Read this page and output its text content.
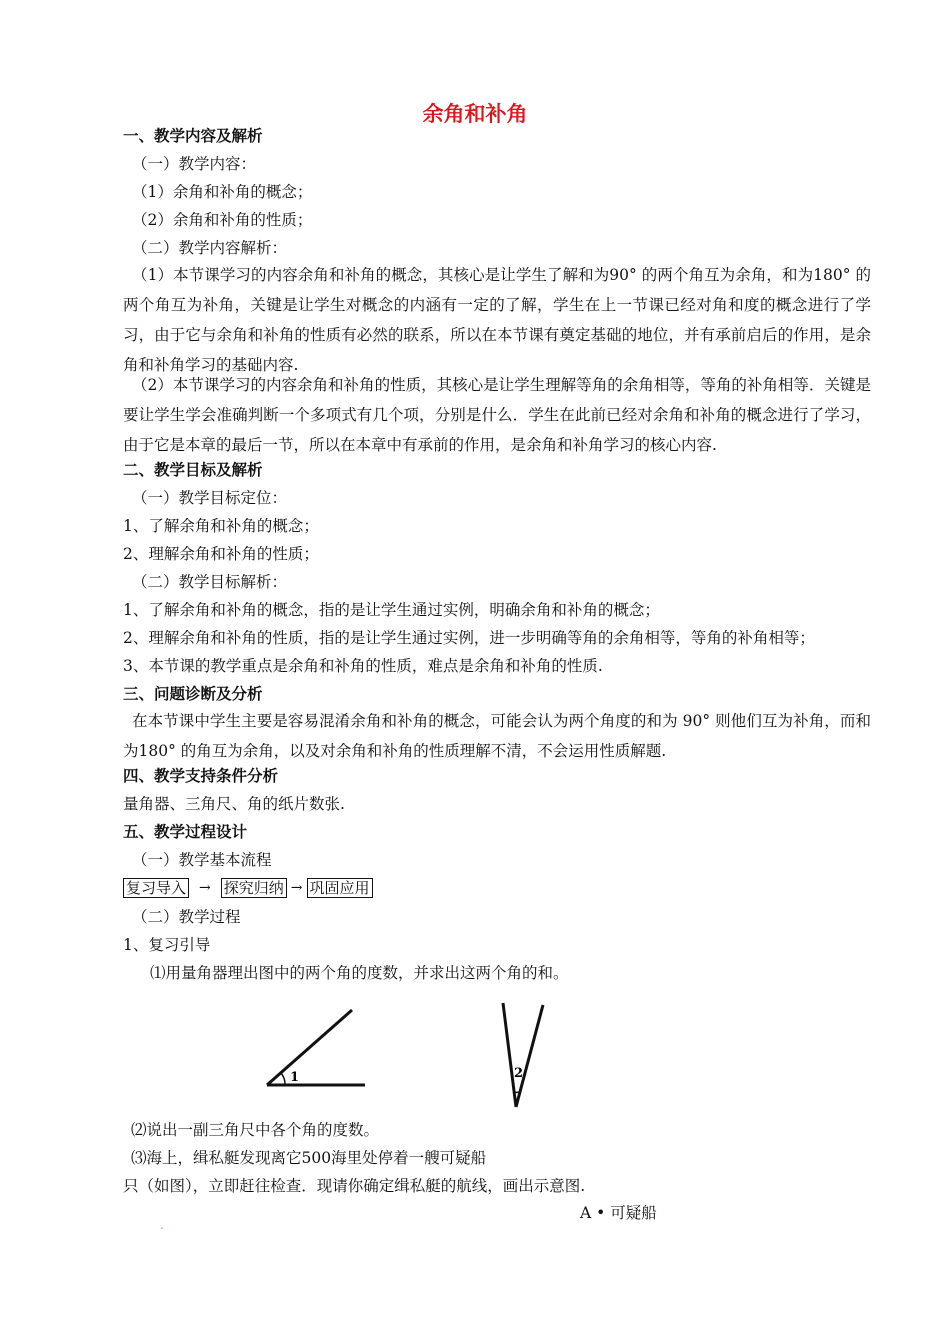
余角和补角
一、教学内容及解析
（一）教学内容：
（1）余角和补角的概念；
（2）余角和补角的性质；
（二）教学内容解析：
（1）本节课学习的内容余角和补角的概念，其核心是让学生了解和为90° 的两个角互为余角，和为180° 的两个角互为补角，关键是让学生对概念的内涵有一定的了解，学生在上一节课已经对角和度的概念进行了学习，由于它与余角和补角的性质有必然的联系，所以在本节课有奠定基础的地位，并有承前启后的作用，是余角和补角学习的基础内容.
（2）本节课学习的内容余角和补角的性质，其核心是让学生理解等角的余角相等，等角的补角相等．关键是要让学生学会准确判断一个多项式有几个项，分别是什么．学生在此前已经对余角和补角的概念进行了学习，由于它是本章的最后一节，所以在本章中有承前的作用，是余角和补角学习的核心内容.
二、教学目标及解析
（一）教学目标定位：
1、了解余角和补角的概念；
2、理解余角和补角的性质；
（二）教学目标解析：
1、了解余角和补角的概念，指的是让学生通过实例，明确余角和补角的概念；
2、理解余角和补角的性质，指的是让学生通过实例，进一步明确等角的余角相等，等角的补角相等；
3、本节课的教学重点是余角和补角的性质，难点是余角和补角的性质.
三、问题诊断及分析
在本节课中学生主要是容易混淆余角和补角的概念，可能会认为两个角度的和为 90° 则他们互为补角，而和为180° 的角互为余角，以及对余角和补角的性质理解不清，不会运用性质解题.
四、教学支持条件分析
量角器、三角尺、角的纸片数张.
五、教学过程设计
（一）教学基本流程
复习导入 → 探究归纳 → 巩固应用
（二）教学过程
1、复习引导
⑴用量角器理出图中的两个角的度数，并求出这两个角的和。
1	2
⑵说出一副三角尺中各个角的度数。
⑶海上，缉私艇发现离它500海里处停着一艘可疑船
只（如图），立即赶往检查．现请你确定缉私艇的航线，画出示意图.
A • 可疑船
.
